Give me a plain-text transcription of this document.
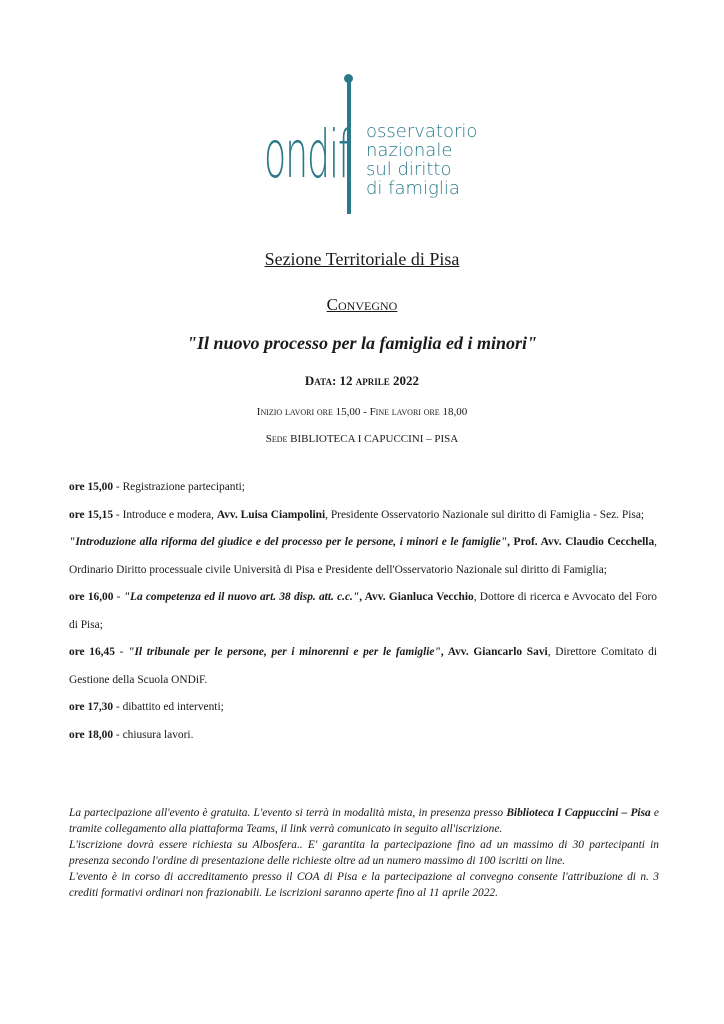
ondif osservatorio
nazionale
sul diritto
di famiglia
Sezione Territoriale di Pisa
Convegno
"Il nuovo processo per la famiglia ed i minori"
Data: 12 aprile 2022
Inizio lavori ore 15,00 - Fine lavori ore 18,00
Sede BIBLIOTECA I CAPUCCINI – PISA

ore 15,00 - Registrazione partecipanti;

ore 15,15 - Introduce e modera, Avv. Luisa Ciampolini, Presidente Osservatorio Nazionale sul diritto di Famiglia - Sez. Pisa;

"Introduzione alla riforma del giudice e del processo per le persone, i minori e le famiglie", Prof. Avv. Claudio Cecchella, Ordinario Diritto processuale civile Università di Pisa e Presidente dell'Osservatorio Nazionale sul diritto di Famiglia;

ore 16,00 - "La competenza ed il nuovo art. 38 disp. att. c.c.", Avv. Gianluca Vecchio, Dottore di ricerca e Avvocato del Foro di Pisa;

ore 16,45 - "Il tribunale per le persone, per i minorenni e per le famiglie", Avv. Giancarlo Savi, Direttore Comitato di Gestione della Scuola ONDiF.

ore 17,30 - dibattito ed interventi;

ore 18,00 - chiusura lavori.

La partecipazione all'evento è gratuita. L'evento si terrà in modalità mista, in presenza presso Biblioteca I Cappuccini – Pisa e tramite collegamento alla piattaforma Teams, il link verrà comunicato in seguito all'iscrizione.

L'iscrizione dovrà essere richiesta su Albosfera.. E' garantita la partecipazione fino ad un massimo di 30 partecipanti in presenza secondo l'ordine di presentazione delle richieste oltre ad un numero massimo di 100 iscritti on line.

L'evento è in corso di accreditamento presso il COA di Pisa e la partecipazione al convegno consente l'attribuzione di n. 3 crediti formativi ordinari non frazionabili. Le iscrizioni saranno aperte fino al 11 aprile 2022.
